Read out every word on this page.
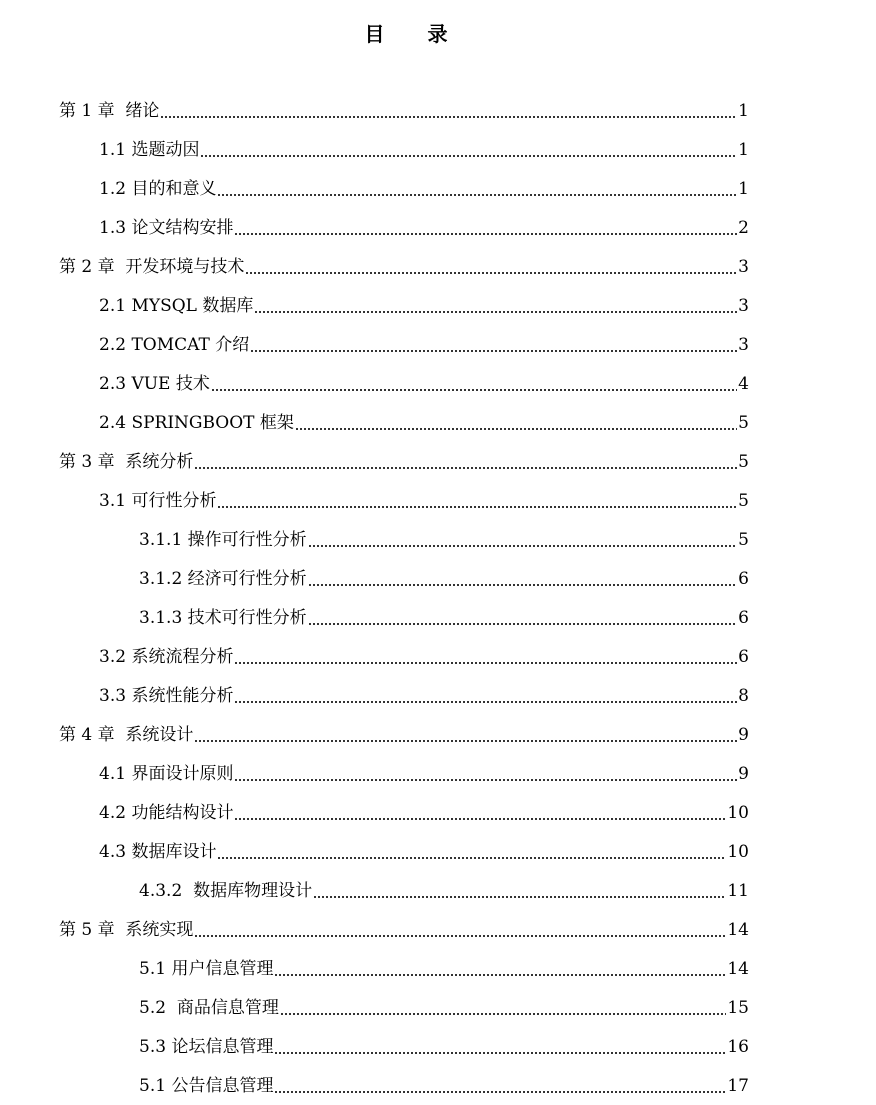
目 录
第 1 章  绪论	1
1.1 选题动因	1
1.2 目的和意义	1
1.3 论文结构安排	2
第 2 章  开发环境与技术	3
2.1 MYSQL 数据库	3
2.2 TOMCAT 介绍	3
2.3 VUE 技术	4
2.4 SPRINGBOOT 框架	5
第 3 章  系统分析	5
3.1 可行性分析	5
3.1.1 操作可行性分析	5
3.1.2 经济可行性分析	6
3.1.3 技术可行性分析	6
3.2 系统流程分析	6
3.3 系统性能分析	8
第 4 章  系统设计	9
4.1 界面设计原则	9
4.2 功能结构设计	10
4.3 数据库设计	10
4.3.2  数据库物理设计	11
第 5 章  系统实现	14
5.1 用户信息管理	14
5.2  商品信息管理	15
5.3 论坛信息管理	16
5.1 公告信息管理	17
